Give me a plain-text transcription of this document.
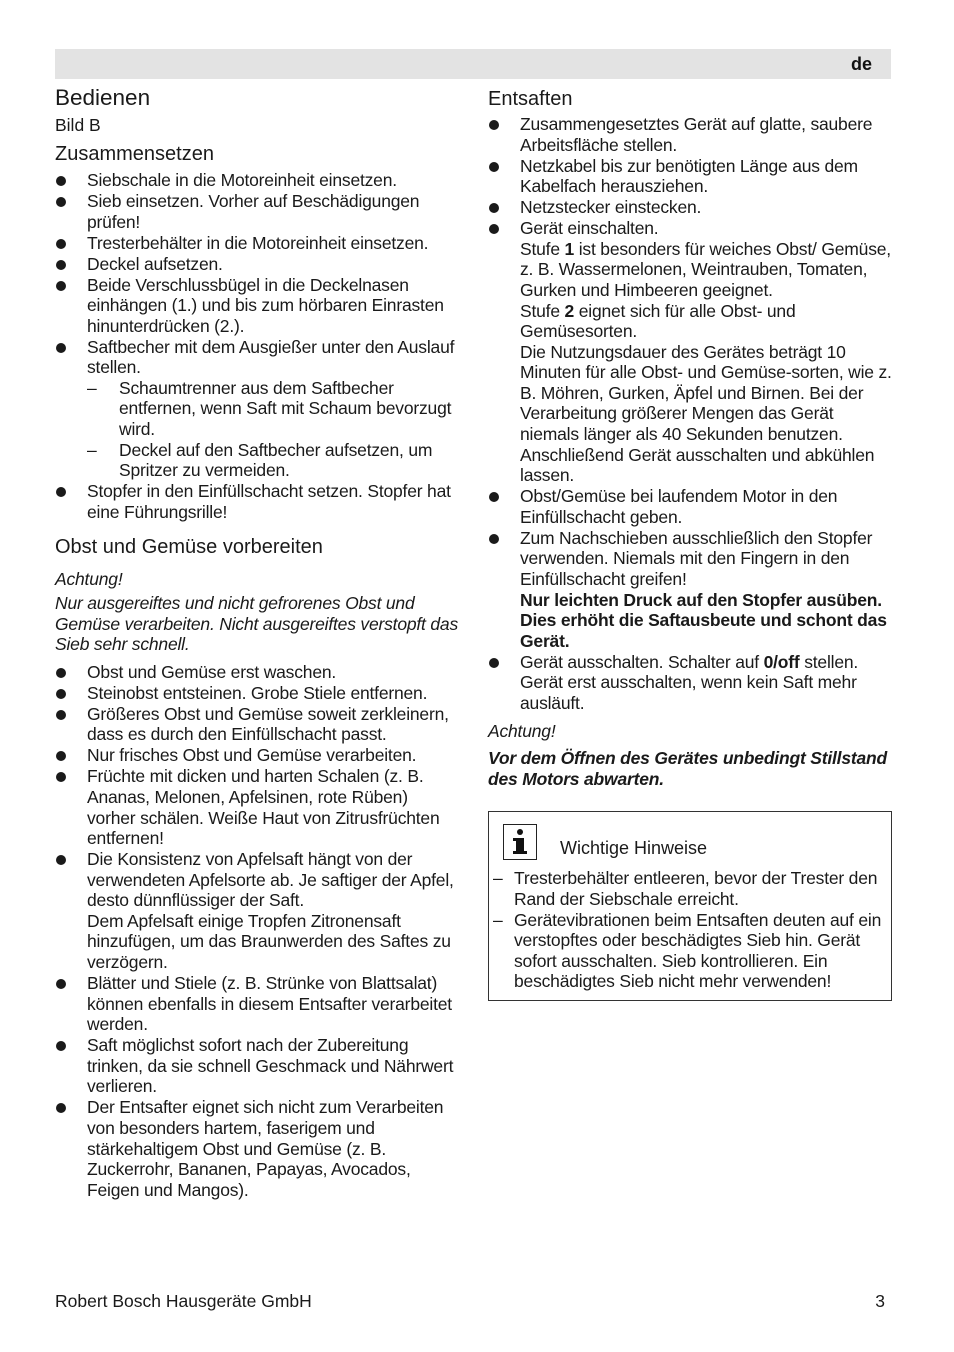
de
Bedienen
Bild B
Zusammensetzen
Siebschale in die Motoreinheit einsetzen.
Sieb einsetzen. Vorher auf Beschädigungen prüfen!
Tresterbehälter in die Motoreinheit einsetzen.
Deckel aufsetzen.
Beide Verschlussbügel in die Deckelnasen einhängen (1.) und bis zum hörbaren Einrasten hinunterdrücken (2.).
Saftbecher mit dem Ausgießer unter den Auslauf stellen.
– Schaumtrenner aus dem Saftbecher entfernen, wenn Saft mit Schaum bevorzugt wird.
– Deckel auf den Saftbecher aufsetzen, um Spritzer zu vermeiden.
Stopfer in den Einfüllschacht setzen. Stopfer hat eine Führungsrille!
Obst und Gemüse vorbereiten
Achtung!
Nur ausgereiftes und nicht gefrorenes Obst und Gemüse verarbeiten. Nicht ausgereiftes verstopft das Sieb sehr schnell.
Obst und Gemüse erst waschen.
Steinobst entsteinen. Grobe Stiele entfernen.
Größeres Obst und Gemüse soweit zerkleinern, dass es durch den Einfüllschacht passt.
Nur frisches Obst und Gemüse verarbeiten.
Früchte mit dicken und harten Schalen (z. B. Ananas, Melonen, Apfelsinen, rote Rüben) vorher schälen. Weiße Haut von Zitrusfrüchten entfernen!
Die Konsistenz von Apfelsaft hängt von der verwendeten Apfelsorte ab. Je saftiger der Apfel, desto dünnflüssiger der Saft.
Dem Apfelsaft einige Tropfen Zitronensaft hinzufügen, um das Braunwerden des Saftes zu verzögern.
Blätter und Stiele (z. B. Strünke von Blattsalat) können ebenfalls in diesem Entsafter verarbeitet werden.
Saft möglichst sofort nach der Zubereitung trinken, da sie schnell Geschmack und Nährwert verlieren.
Der Entsafter eignet sich nicht zum Verarbeiten von besonders hartem, faserigem und stärkehaltigem Obst und Gemüse (z. B. Zuckerrohr, Bananen, Papayas, Avocados, Feigen und Mangos).
Entsaften
Zusammengesetztes Gerät auf glatte, saubere Arbeitsfläche stellen.
Netzkabel bis zur benötigten Länge aus dem Kabelfach herausziehen.
Netzstecker einstecken.
Gerät einschalten.
Stufe 1 ist besonders für weiches Obst/ Gemüse, z. B. Wassermelonen, Weintrauben, Tomaten, Gurken und Himbeeren geeignet.
Stufe 2 eignet sich für alle Obst- und Gemüsesorten.
Die Nutzungsdauer des Gerätes beträgt 10 Minuten für alle Obst- und Gemüse-sorten, wie z. B. Möhren, Gurken, Äpfel und Birnen. Bei der Verarbeitung größerer Mengen das Gerät niemals länger als 40 Sekunden benutzen. Anschließend Gerät ausschalten und abkühlen lassen.
Obst/Gemüse bei laufendem Motor in den Einfüllschacht geben.
Zum Nachschieben ausschließlich den Stopfer verwenden. Niemals mit den Fingern in den Einfüllschacht greifen!
Nur leichten Druck auf den Stopfer ausüben. Dies erhöht die Saftausbeute und schont das Gerät.
Gerät ausschalten. Schalter auf 0/off stellen. Gerät erst ausschalten, wenn kein Saft mehr ausläuft.
Achtung!
Vor dem Öffnen des Gerätes unbedingt Stillstand des Motors abwarten.
Wichtige Hinweise
– Tresterbehälter entleeren, bevor der Trester den Rand der Siebschale erreicht.
– Gerätevibrationen beim Entsaften deuten auf ein verstopftes oder beschädigtes Sieb hin. Gerät sofort ausschalten. Sieb kontrollieren. Ein beschädigtes Sieb nicht mehr verwenden!
Robert Bosch Hausgeräte GmbH	3
